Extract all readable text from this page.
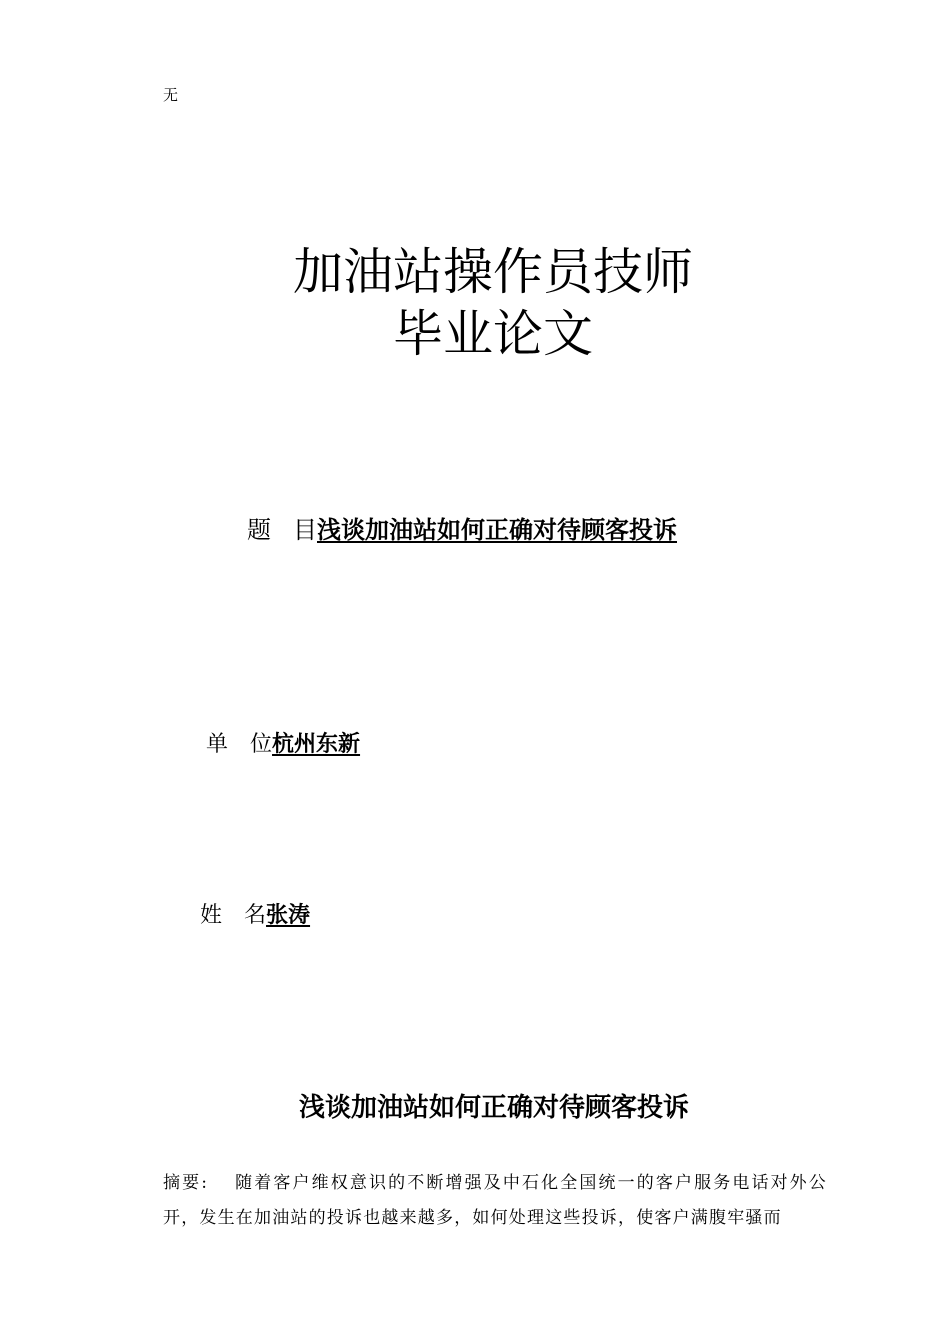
无
加油站操作员技师
毕业论文
题 目浅谈加油站如何正确对待顾客投诉
单 位杭州东新
姓 名张涛
浅谈加油站如何正确对待顾客投诉
摘要: 随着客户维权意识的不断增强及中石化全国统一的客户服务电话对外公开，发生在加油站的投诉也越来越多，如何处理这些投诉，使客户满腹牢骚而
